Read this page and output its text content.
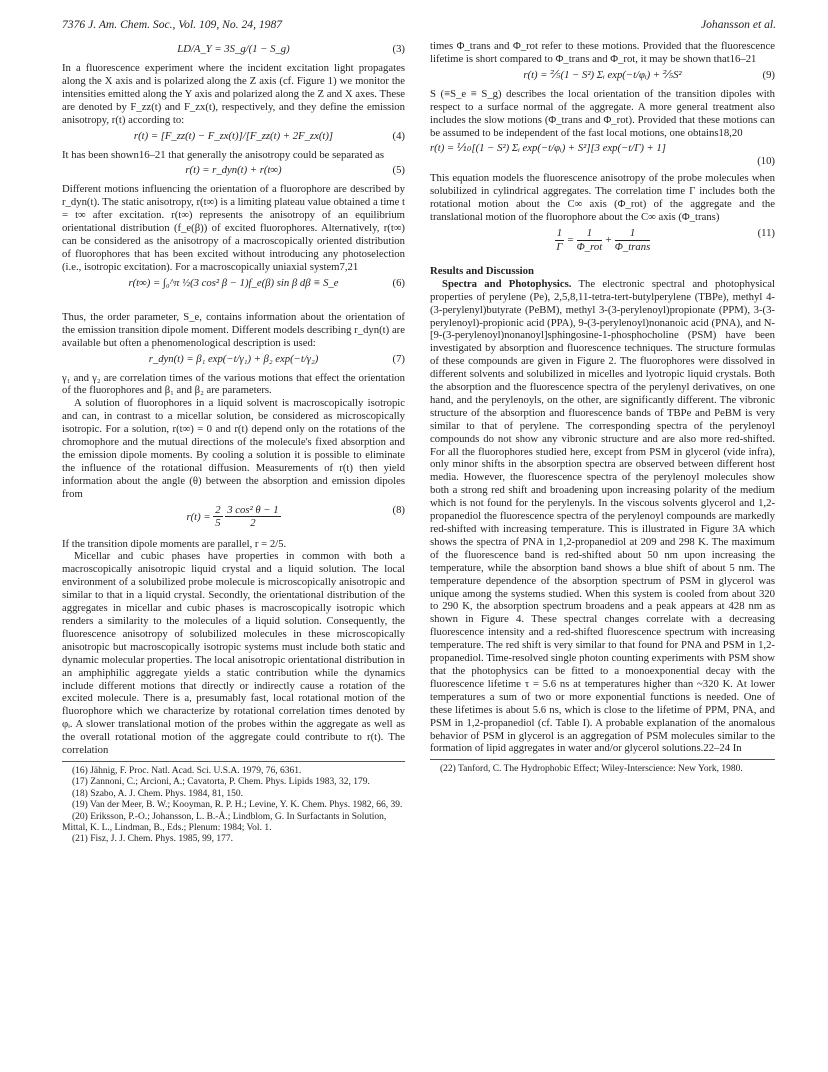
7376 J. Am. Chem. Soc., Vol. 109, No. 24, 1987	Johansson et al.
LD/A_Y = 3S_g/(1 − S_g)	(3)

In a fluorescence experiment where the incident excitation light propagates along the X axis and is polarized along the Z axis (cf. Figure 1) we monitor the intensities emitted along the Y axis and polarized along the Z and X axes. These are denoted by F_zz(t) and F_zx(t), respectively, and they define the emission anisotropy, r(t) according to:

r(t) = [F_zz(t) − F_zx(t)]/[F_zz(t) + 2F_zx(t)]	(4)

It has been shown16–21 that generally the anisotropy could be separated as

r(t) = r_dyn(t) + r(t∞)	(5)

Different motions influencing the orientation of a fluorophore are described by r_dyn(t). The static anisotropy, r(t∞) is a limiting plateau value obtained a time t = t∞ after excitation. r(t∞) represents the anisotropy of an equilibrium orientational distribution (f_e(β)) of excited fluorophores. Alternatively, r(t∞) can be considered as the anisotropy of a macroscopically oriented distribution of fluorophores that has been excited without introducing any photoselection (i.e., isotropic excitation). For a macroscopically uniaxial system7,21

r(t∞) = ∫₀^π ½(3 cos² β − 1)f_e(β) sin β dβ ≡ S_e	(6)

Thus, the order parameter, S_e, contains information about the orientation of the emission transition dipole moment. Different models describing r_dyn(t) are available but often a phenomenological description is used:

r_dyn(t) = β₁ exp(−t/γ₁) + β₂ exp(−t/γ₂)	(7)

γ₁ and γ₂ are correlation times of the various motions that effect the orientation of the fluorophores and β₁ and β₂ are parameters.

A solution of fluorophores in a liquid solvent is macroscopically isotropic and can, in contrast to a micellar solution, be considered as microscopically isotropic. For a solution, r(t∞) = 0 and r(t) depend only on the rotations of the chromophore and the mutual directions of the molecule's fixed absorption and the emission dipole moments. By cooling a solution it is possible to eliminate the influence of the rotational diffusion. Measurements of r(t) then yield information about the angle (θ) between the absorption and emission dipoles from

$r(t) = \frac{2}{5}$
$\frac{\text{3 cos² θ − 1}}{2}$	(8)

If the transition dipole moments are parallel, r = 2/5.

Micellar and cubic phases have properties in common with both a macroscopically anisotropic liquid crystal and a liquid solution. The local environment of a solubilized probe molecule is microscopically anisotropic and similar to that in a liquid crystal. Secondly, the orientational distribution of the aggregates in micellar and cubic phases is macroscopically isotropic which renders a similarity to the molecules of a liquid solution. Consequently, the fluorescence anisotropy of solubilized molecules in these microscopically anisotropic but macroscopically isotropic systems must include both static and dynamic molecular properties. The local anisotropic orientational distribution in an amphiphilic aggregate yields a static contribution while the dynamics include different motions that directly or indirectly cause a rotation of the excited molecule. There is a, presumably fast, local rotational motion of the fluorophore which we characterize by rotational correlation times denoted by φᵢ. A slower translational motion of the probes within the aggregate as well as the overall rotational motion of the aggregate could contribute to r(t). The correlation

(16) Jähnig, F. Proc. Natl. Acad. Sci. U.S.A. 1979, 76, 6361.

(17) Zannoni, C.; Arcioni, A.; Cavatorta, P. Chem. Phys. Lipids 1983, 32, 179.

(18) Szabo, A. J. Chem. Phys. 1984, 81, 150.

(19) Van der Meer, B. W.; Kooyman, R. P. H.; Levine, Y. K. Chem. Phys. 1982, 66, 39.

(20) Eriksson, P.-O.; Johansson, L. B.-Å.; Lindblom, G. In Surfactants in Solution, Mittal, K. L., Lindman, B., Eds.; Plenum: 1984; Vol. 1.

(21) Fisz, J. J. Chem. Phys. 1985, 99, 177.

times Φ_trans and Φ_rot refer to these motions. Provided that the fluorescence lifetime is short compared to Φ_trans and Φ_rot, it may be shown that16–21

r(t) = ⅖(1 − S²) Σᵢ exp(−t/φᵢ) + ⅖S²	(9)

S (≡S_e ≡ S_g) describes the local orientation of the transition dipoles with respect to a surface normal of the aggregate. A more general treatment also includes the slow motions (Φ_trans and Φ_rot). Provided that these motions can be assumed to be independent of the fast local motions, one obtains18,20

r(t) = ⅒[(1 − S²) Σᵢ exp(−t/φᵢ) + S²][3 exp(−t/Γ) + 1]
(10)

This equation models the fluorescence anisotropy of the probe molecules when solubilized in cylindrical aggregates. The correlation time Γ includes both the rotational motion about the C∞ axis (Φ_rot) of the aggregate and the translational motion of the fluorophore about the C∞ axis (Φ_trans)

$\frac{1}{\Gamma} = \frac{1}{\text{Φ\_rot}} + \frac{1}{\text{Φ\_trans}}$	(11)

Results and Discussion

Spectra and Photophysics. The electronic spectral and photophysical properties of perylene (Pe), 2,5,8,11-tetra-tert-butylperylene (TBPe), methyl 4-(3-perylenyl)butyrate (PeBM), methyl 3-(3-perylenoyl)propionate (PPM), 3-(3-perylenoyl)-propionic acid (PPA), 9-(3-perylenoyl)nonanoic acid (PNA), and N-[9-(3-perylenoyl)nonanoyl]sphingosine-1-phosphocholine (PSM) have been investigated by absorption and fluorescence techniques. The structure formulas of these compounds are given in Figure 2. The fluorophores were dissolved in different solvents and solubilized in micelles and lyotropic liquid crystals. Both the absorption and the fluorescence spectra of the perylenyl derivatives, on one hand, and the perylenoyls, on the other, are significantly different. The vibronic structure of the absorption and fluorescence bands of TBPe and PeBM is very similar to that of perylene. The corresponding spectra of the perylenoyl compounds do not show any vibronic structure and are also more red-shifted. For all the fluorophores studied here, except from PSM in glycerol (vide infra), only minor shifts in the absorption spectra are observed between different host media. However, the fluorescence spectra of the perylenoyl molecules show both a strong red shift and broadening upon increasing polarity of the medium which is not found for the perylenyls. In the viscous solvents glycerol and 1,2-propanediol the fluorescence spectra of the perylenoyl compounds are markedly red-shifted with increasing temperature. This is illustrated in Figure 3A which shows the spectra of PNA in 1,2-propanediol at 209 and 298 K. The maximum of the fluorescence band is red-shifted about 50 nm upon increasing the temperature, while the absorption band shows a blue shift of about 5 nm. The temperature dependence of the absorption spectrum of PSM in glycerol was unique among the systems studied. When this system is cooled from about 320 to 290 K, the absorption spectrum broadens and a peak appears at 428 nm as shown in Figure 4. These spectral changes correlate with a decreasing fluorescence intensity and a red-shifted fluorescence spectrum with increasing temperature. The red shift is very similar to that found for PNA and PSM in 1,2-propanediol. Time-resolved single photon counting experiments with PSM show that the photophysics can be fitted to a monoexponential decay with the fluorescence lifetime τ = 5.6 ns at temperatures higher than ~320 K. At lower temperatures a sum of two or more exponential functions is needed. One of these lifetimes is about 5.6 ns, which is close to the lifetime of PPM, PNA, and PSM in 1,2-propanediol (cf. Table I). A probable explanation of the anomalous behavior of PSM in glycerol is an aggregation of PSM molecules similar to the formation of lipid aggregates in water and/or glycerol solutions.22–24 In

(22) Tanford, C. The Hydrophobic Effect; Wiley-Interscience: New York, 1980.
